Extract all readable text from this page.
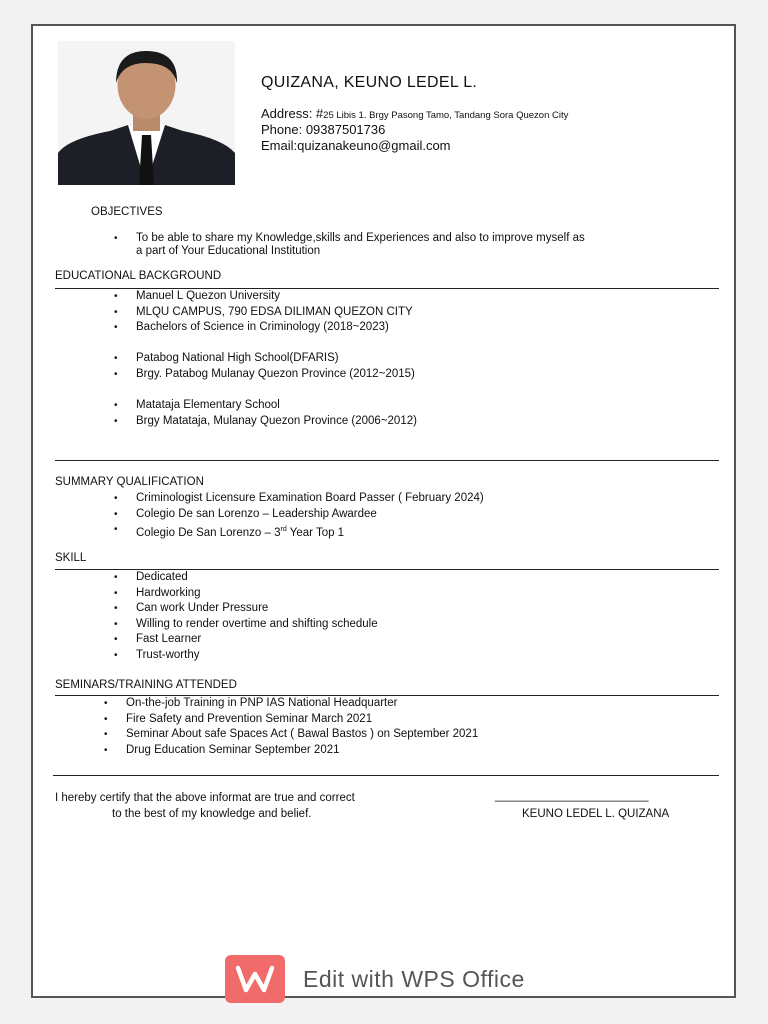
QUIZANA, KEUNO LEDEL L.
Address: #25 Libis 1. Brgy Pasong Tamo, Tandang Sora Quezon City
Phone: 09387501736
Email:quizanakeuno@gmail.com
OBJECTIVES
• To be able to share my Knowledge,skills and Experiences and also to improve myself as
a part of Your Educational Institution
EDUCATIONAL BACKGROUND
• Manuel L Quezon University
• MLQU CAMPUS, 790 EDSA DILIMAN QUEZON CITY
• Bachelors of Science in Criminology (2018~2023)
• Patabog National High School(DFARIS)
• Brgy. Patabog Mulanay Quezon Province (2012~2015)
• Matataja Elementary School
• Brgy Matataja, Mulanay Quezon Province (2006~2012)
SUMMARY QUALIFICATION
• Criminologist Licensure Examination Board Passer ( February 2024)
• Colegio De san Lorenzo – Leadership Awardee
• Colegio De San Lorenzo – 3rd Year Top 1
SKILL
• Dedicated
• Hardworking
• Can work Under Pressure
• Willing to render overtime and shifting schedule
• Fast Learner
• Trust-worthy
SEMINARS/TRAINING ATTENDED
• On-the-job Training in PNP IAS National Headquarter
• Fire Safety and Prevention Seminar March 2021
• Seminar About safe Spaces Act ( Bawal Bastos ) on September 2021
• Drug Education Seminar September 2021
I hereby certify that the above informat are true and correct
to the best of my knowledge and belief.
________________________
KEUNO LEDEL L. QUIZANA
Edit with WPS Office
